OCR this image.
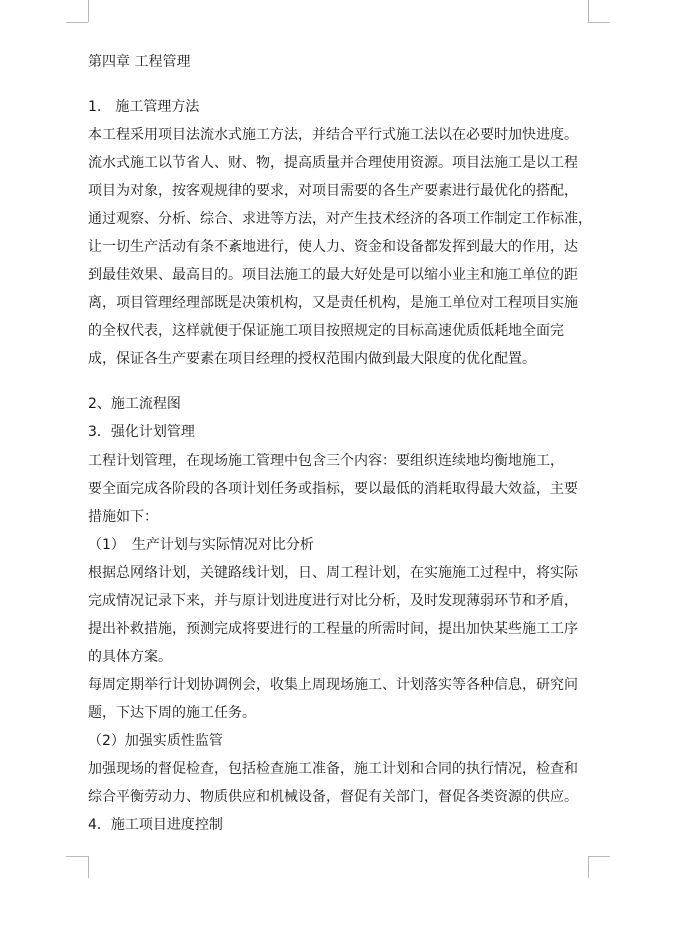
第四章 工程管理
1.　施工管理方法
本工程采用项目法流水式施工方法，并结合平行式施工法以在必要时加快进度。
流水式施工以节省人、财、物，提高质量并合理使用资源。项目法施工是以工程
项目为对象，按客观规律的要求，对项目需要的各生产要素进行最优化的搭配，
通过观察、分析、综合、求进等方法，对产生技术经济的各项工作制定工作标准，
让一切生产活动有条不紊地进行，使人力、资金和设备都发挥到最大的作用，达
到最佳效果、最高目的。项目法施工的最大好处是可以缩小业主和施工单位的距
离，项目管理经理部既是决策机构，又是责任机构，是施工单位对工程项目实施
的全权代表，这样就便于保证施工项目按照规定的目标高速优质低耗地全面完
成，保证各生产要素在项目经理的授权范围内做到最大限度的优化配置。
2、施工流程图
3．强化计划管理
工程计划管理，在现场施工管理中包含三个内容：要组织连续地均衡地施工，
要全面完成各阶段的各项计划任务或指标，要以最低的消耗取得最大效益，主要
措施如下：
（1）　生产计划与实际情况对比分析
根据总网络计划，关键路线计划，日、周工程计划，在实施施工过程中，将实际
完成情况记录下来，并与原计划进度进行对比分析，及时发现薄弱环节和矛盾，
提出补救措施，预测完成将要进行的工程量的所需时间，提出加快某些施工工序
的具体方案。
每周定期举行计划协调例会，收集上周现场施工、计划落实等各种信息，研究问
题，下达下周的施工任务。
（2）加强实质性监管
加强现场的督促检查，包括检查施工准备，施工计划和合同的执行情况，检查和
综合平衡劳动力、物质供应和机械设备，督促有关部门，督促各类资源的供应。
4．施工项目进度控制
